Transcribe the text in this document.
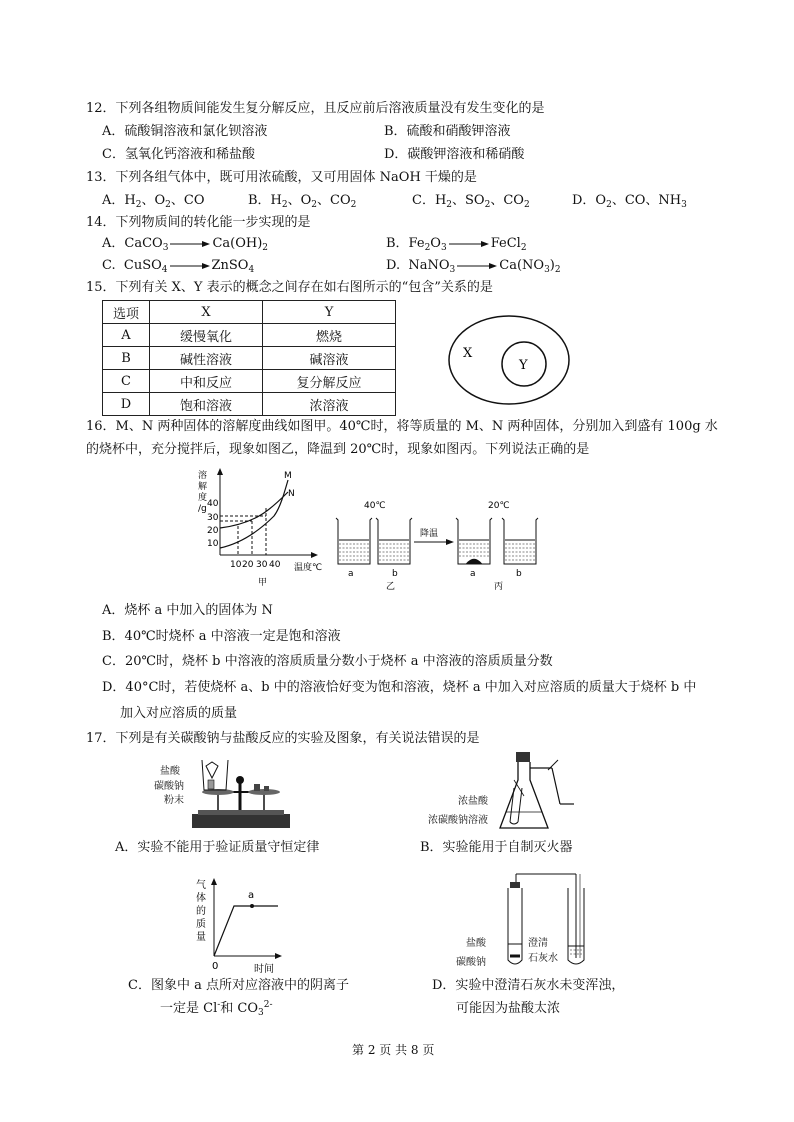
12．下列各组物质间能发生复分解反应，且反应前后溶液质量没有发生变化的是
A．硫酸铜溶液和氯化钡溶液	B．硫酸和硝酸钾溶液
C．氢氧化钙溶液和稀盐酸	D．碳酸钾溶液和稀硝酸
13．下列各组气体中，既可用浓硫酸，又可用固体 NaOH 干燥的是
A．$H_2$、$O_2$、CO	B．$H_2$、$O_2$、$CO_2$	C．$H_2$、$SO_2$、$CO_2$	D．$O_2$、CO、$NH_3$
14．下列物质间的转化能一步实现的是
A．CaCO$_3$	$Ca(OH)_2$	B．$Fe_2O_3$	FeCl$_2$
C.  CuSO$_4$	ZnSO$_4$	D.  NaNO$_3$	$Ca(NO_3)_2$
15．下列有关 X、Y 表示的概念之间存在如右图所示的“包含”关系的是
选项	X	Y
A	缓慢氧化	燃烧
B	碱性溶液	碱溶液
C	中和反应	复分解反应
D	饱和溶液	浓溶液
X
Y
16．M、N 两种固体的溶解度曲线如图甲。40℃时，将等质量的 M、N 两种固体，分别加入到盛有 100g 水
的烧杯中，充分搅拌后，现象如图乙，降温到 20℃时，现象如图丙。下列说法正确的是
溶
解
度
/g 40
30
20
10
M
N
10 20 30 40 温度℃
甲
40℃
a	b
乙
降温
20℃
a	b
丙
A．烧杯 a 中加入的固体为 N
B．40℃时烧杯 a 中溶液一定是饱和溶液
C．20℃时，烧杯 b 中溶液的溶质质量分数小于烧杯 a 中溶液的溶质质量分数
D．40°C时，若使烧杯 a、b 中的溶液恰好变为饱和溶液，烧杯 a 中加入对应溶质的质量大于烧杯 b 中
加入对应溶质的质量
17．下列是有关碳酸钠与盐酸反应的实验及图象，有关说法错误的是
盐酸
碳酸钠
粉末
A．实验不能用于验证质量守恒定律
浓盐酸
浓碳酸钠溶液
B．实验能用于自制灭火器
气
体
的
质
量
a
0	时间
C．图象中 a 点所对应溶液中的阴离子
一定是 Cl-和 $CO_3^{2-}$
盐酸
碳酸钠
澄清
石灰水
D．实验中澄清石灰水未变浑浊，
可能因为盐酸太浓
第 2 页 共 8 页
